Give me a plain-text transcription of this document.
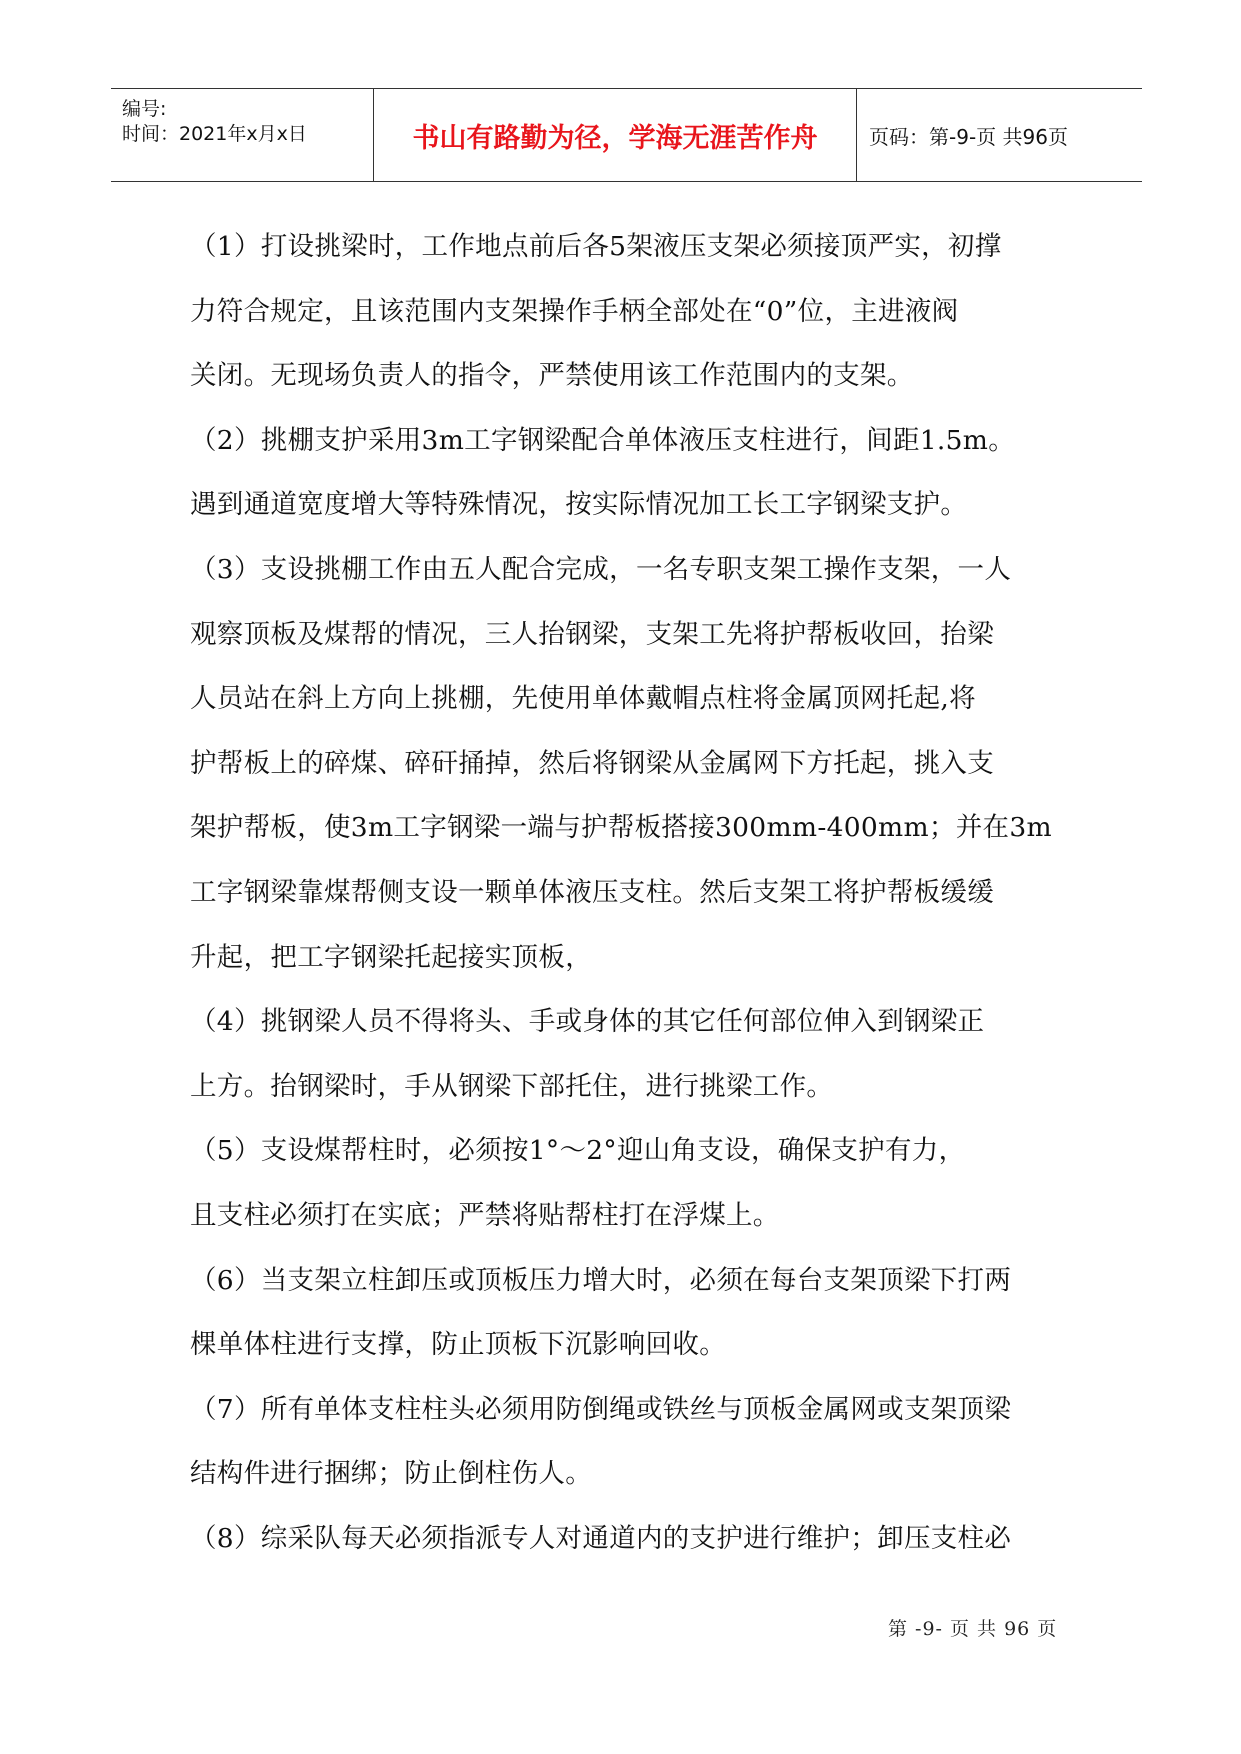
编号:
时间：2021年x月x日	书山有路勤为径，学海无涯苦作舟	页码：第-9-页 共96页

（1）打设挑梁时，工作地点前后各5架液压支架必须接顶严实，初撑
力符合规定，且该范围内支架操作手柄全部处在“0”位，主进液阀
关闭。无现场负责人的指令，严禁使用该工作范围内的支架。
（2）挑棚支护采用3m工字钢梁配合单体液压支柱进行，间距1.5m。
遇到通道宽度增大等特殊情况，按实际情况加工长工字钢梁支护。
（3）支设挑棚工作由五人配合完成，一名专职支架工操作支架，一人
观察顶板及煤帮的情况，三人抬钢梁，支架工先将护帮板收回，抬梁
人员站在斜上方向上挑棚，先使用单体戴帽点柱将金属顶网托起,将
护帮板上的碎煤、碎矸捅掉，然后将钢梁从金属网下方托起，挑入支
架护帮板，使3m工字钢梁一端与护帮板搭接300mm-400mm；并在3m
工字钢梁靠煤帮侧支设一颗单体液压支柱。然后支架工将护帮板缓缓
升起，把工字钢梁托起接实顶板，
（4）挑钢梁人员不得将头、手或身体的其它任何部位伸入到钢梁正
上方。抬钢梁时，手从钢梁下部托住，进行挑梁工作。
（5）支设煤帮柱时，必须按1°～2°迎山角支设，确保支护有力，
且支柱必须打在实底；严禁将贴帮柱打在浮煤上。
（6）当支架立柱卸压或顶板压力增大时，必须在每台支架顶梁下打两
棵单体柱进行支撑，防止顶板下沉影响回收。
（7）所有单体支柱柱头必须用防倒绳或铁丝与顶板金属网或支架顶梁
结构件进行捆绑；防止倒柱伤人。
（8）综采队每天必须指派专人对通道内的支护进行维护；卸压支柱必

第 -9- 页 共 96 页
